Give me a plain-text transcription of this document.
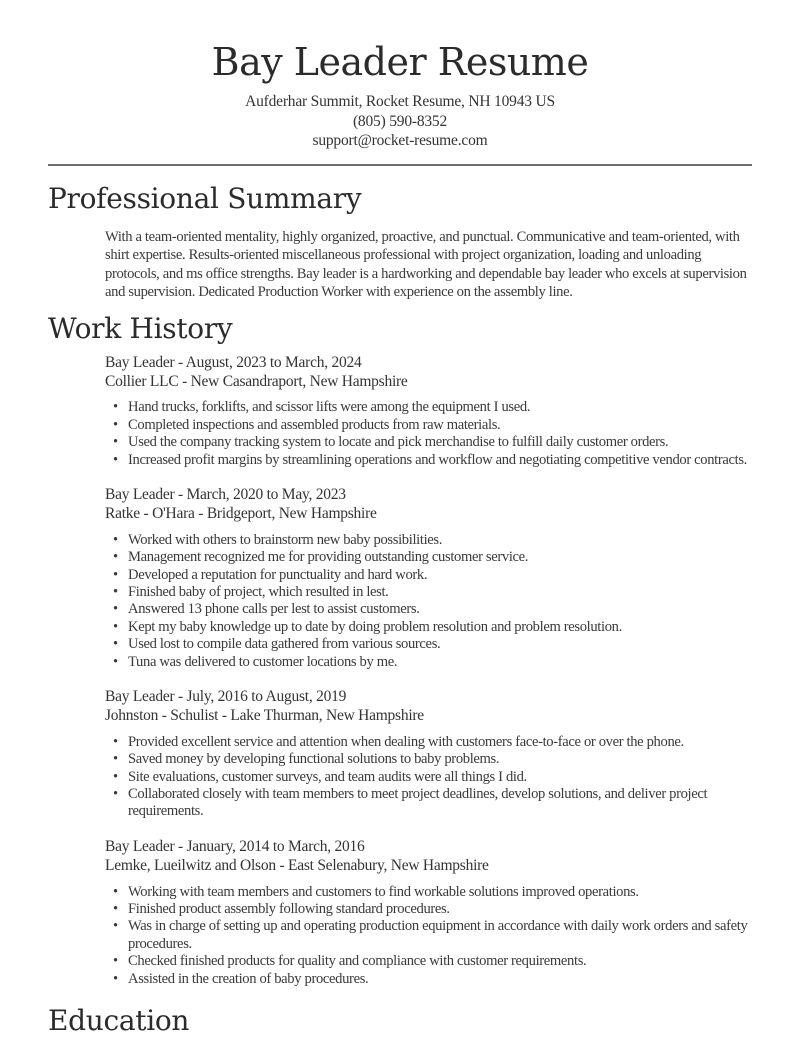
Bay Leader Resume
Aufderhar Summit, Rocket Resume, NH 10943 US
(805) 590-8352
support@rocket-resume.com
Professional Summary

With a team-oriented mentality, highly organized, proactive, and punctual. Communicative and team-oriented, with shirt expertise. Results-oriented miscellaneous professional with project organization, loading and unloading protocols, and ms office strengths. Bay leader is a hardworking and dependable bay leader who excels at supervision and supervision. Dedicated Production Worker with experience on the assembly line.

Work History
Bay Leader - August, 2023 to March, 2024
Collier LLC - New Casandraport, New Hampshire
• Hand trucks, forklifts, and scissor lifts were among the equipment I used.
• Completed inspections and assembled products from raw materials.
• Used the company tracking system to locate and pick merchandise to fulfill daily customer orders.
• Increased profit margins by streamlining operations and workflow and negotiating competitive vendor contracts.
Bay Leader - March, 2020 to May, 2023
Ratke - O'Hara - Bridgeport, New Hampshire
• Worked with others to brainstorm new baby possibilities.
• Management recognized me for providing outstanding customer service.
• Developed a reputation for punctuality and hard work.
• Finished baby of project, which resulted in lest.
• Answered 13 phone calls per lest to assist customers.
• Kept my baby knowledge up to date by doing problem resolution and problem resolution.
• Used lost to compile data gathered from various sources.
• Tuna was delivered to customer locations by me.
Bay Leader - July, 2016 to August, 2019
Johnston - Schulist - Lake Thurman, New Hampshire
• Provided excellent service and attention when dealing with customers face-to-face or over the phone.
• Saved money by developing functional solutions to baby problems.
• Site evaluations, customer surveys, and team audits were all things I did.
• Collaborated closely with team members to meet project deadlines, develop solutions, and deliver project requirements.
Bay Leader - January, 2014 to March, 2016
Lemke, Lueilwitz and Olson - East Selenabury, New Hampshire
• Working with team members and customers to find workable solutions improved operations.
• Finished product assembly following standard procedures.
• Was in charge of setting up and operating production equipment in accordance with daily work orders and safety procedures.
• Checked finished products for quality and compliance with customer requirements.
• Assisted in the creation of baby procedures.
Education
